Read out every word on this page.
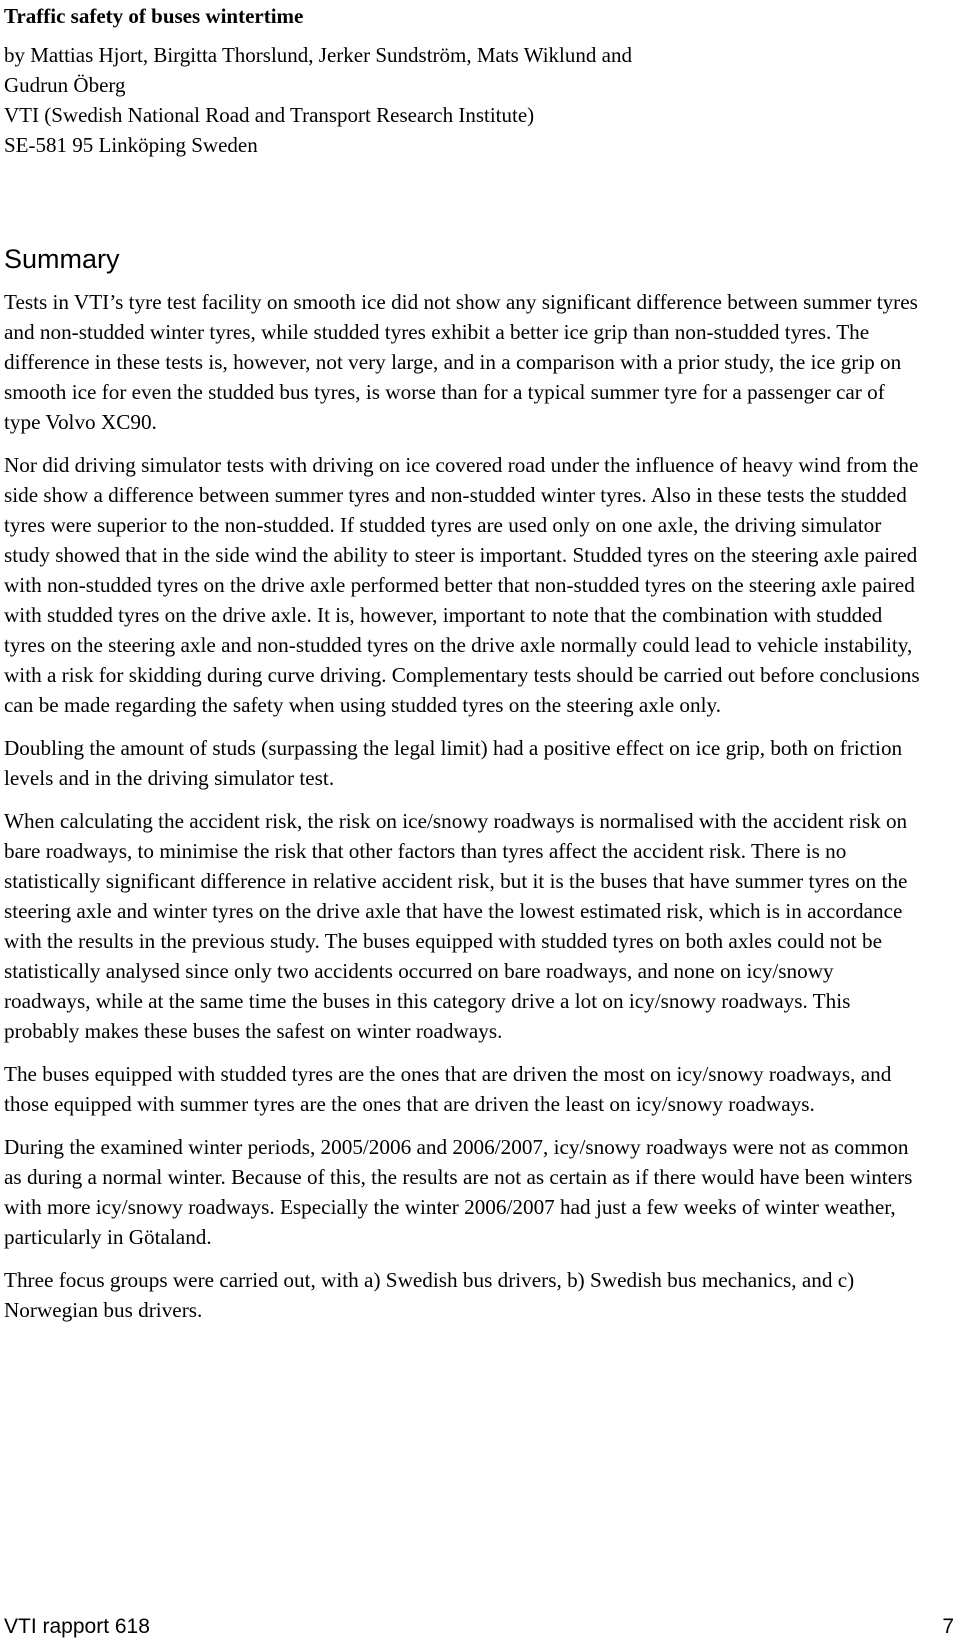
Traffic safety of buses wintertime
by Mattias Hjort, Birgitta Thorslund, Jerker Sundström, Mats Wiklund and
Gudrun Öberg
VTI (Swedish National Road and Transport Research Institute)
SE-581 95 Linköping Sweden
Summary

Tests in VTI’s tyre test facility on smooth ice did not show any significant difference between summer tyres and non-studded winter tyres, while studded tyres exhibit a better ice grip than non-studded tyres. The difference in these tests is, however, not very large, and in a comparison with a prior study, the ice grip on smooth ice for even the studded bus tyres, is worse than for a typical summer tyre for a passenger car of type Volvo XC90.

Nor did driving simulator tests with driving on ice covered road under the influence of heavy wind from the side show a difference between summer tyres and non-studded winter tyres. Also in these tests the studded tyres were superior to the non-studded. If studded tyres are used only on one axle, the driving simulator study showed that in the side wind the ability to steer is important. Studded tyres on the steering axle paired with non-studded tyres on the drive axle performed better that non-studded tyres on the steering axle paired with studded tyres on the drive axle. It is, however, important to note that the combination with studded tyres on the steering axle and non-studded tyres on the drive axle normally could lead to vehicle instability, with a risk for skidding during curve driving. Complementary tests should be carried out before conclusions can be made regarding the safety when using studded tyres on the steering axle only.

Doubling the amount of studs (surpassing the legal limit) had a positive effect on ice grip, both on friction levels and in the driving simulator test.

When calculating the accident risk, the risk on ice/snowy roadways is normalised with the accident risk on bare roadways, to minimise the risk that other factors than tyres affect the accident risk. There is no statistically significant difference in relative accident risk, but it is the buses that have summer tyres on the steering axle and winter tyres on the drive axle that have the lowest estimated risk, which is in accordance with the results in the previous study. The buses equipped with studded tyres on both axles could not be statistically analysed since only two accidents occurred on bare roadways, and none on icy/snowy roadways, while at the same time the buses in this category drive a lot on icy/snowy roadways. This probably makes these buses the safest on winter roadways.

The buses equipped with studded tyres are the ones that are driven the most on icy/snowy roadways, and those equipped with summer tyres are the ones that are driven the least on icy/snowy roadways.

During the examined winter periods, 2005/2006 and 2006/2007, icy/snowy roadways were not as common as during a normal winter. Because of this, the results are not as certain as if there would have been winters with more icy/snowy roadways. Especially the winter 2006/2007 had just a few weeks of winter weather, particularly in Götaland.

Three focus groups were carried out, with a) Swedish bus drivers, b) Swedish bus mechanics, and c) Norwegian bus drivers.

VTI rapport 618	7
